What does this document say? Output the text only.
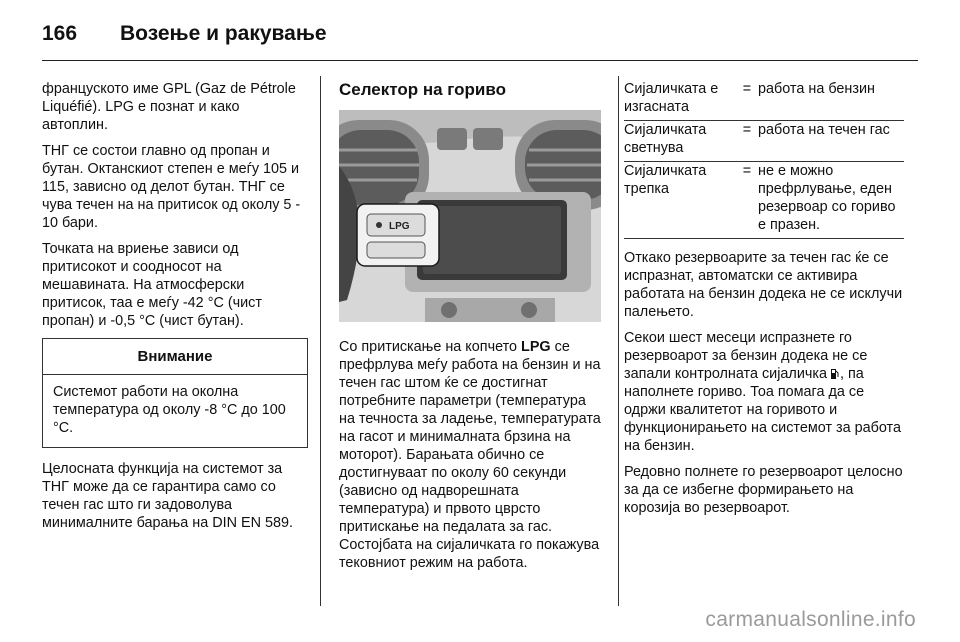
166	Возење и ракување

француското име GPL (Gaz de Pétrole Liquéfié). LPG е познат и како автоплин.

ТНГ се состои главно од пропан и бутан. Октанскиот степен е меѓу 105 и 115, зависно од делот бутан. ТНГ се чува течен на на притисок од околу 5 - 10 бари.

Точката на вриење зависи од притисокот и соодносот на мешавината. На атмосферски притисок, таа е меѓу -42 °C (чист пропан) и -0,5 °C (чист бутан).

Внимание
Системот работи на околна температура од околу -8 °C до 100 °C.

Целосната функција на системот за ТНГ може да се гарантира само со течен гас што ги задоволува минималните барања на DIN EN 589.

Селектор на гориво
LPG

Со притискање на копчето LPG се префрлува меѓу работа на бензин и на течен гас штом ќе се достигнат потребните параметри (температура на течноста за ладење, температурата на гасот и минималната брзина на моторот). Барањата обично се достигнуваат по околу 60 секунди (зависно од надворешната температура) и првото цврсто притискање на педалата за гас. Состојбата на сијаличката го покажува тековниот режим на работа.

Сијаличката е изгаснатa	=	работа на бензин
Сијаличката светнува	=	работа на течен гас
Сијаличката трепка	=	не е можно префрлување, еден резервоар со гориво е празен.

Откако резервоарите за течен гас ќе се испразнат, автоматски се активира работата на бензин додека не се исклучи палењето.

Секои шест месеци испразнете го резервоарот за бензин додека не се запали контролната сијаличка , па наполнете гориво. Тоа помага да се одржи квалитетот на горивото и функционирањето на системот за работа на бензин.

Редовно полнете го резервоарот целосно за да се избегне формирањето на корозија во резервоарот.

carmanualsonline.info
